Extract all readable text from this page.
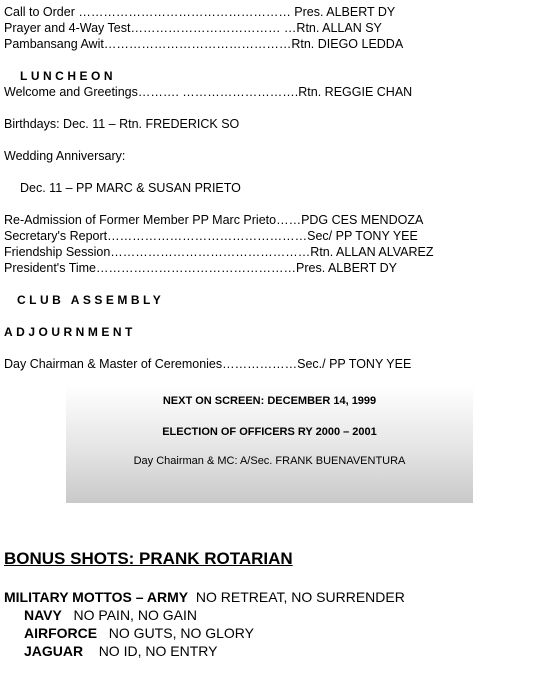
Call to Order …………………………………………… Pres. ALBERT DY
Prayer and 4-Way Test……………………………… …Rtn. ALLAN SY
Pambansang Awit………………………………………Rtn. DIEGO LEDDA
LUNCHEON
Welcome and Greetings………. ……………………….Rtn. REGGIE CHAN
Birthdays: Dec. 11 – Rtn. FREDERICK SO
Wedding Anniversary:
Dec. 11 – PP MARC & SUSAN PRIETO
Re-Admission of Former Member PP Marc Prieto……PDG CES MENDOZA
Secretary's Report…………………………………………Sec/ PP TONY YEE
Friendship Session…………………………………………Rtn. ALLAN ALVAREZ
President's Time…………………………………………Pres. ALBERT DY
CLUB ASSEMBLY
ADJOURNMENT
Day Chairman & Master of Ceremonies………………Sec./ PP TONY YEE
NEXT ON SCREEN: DECEMBER 14, 1999
ELECTION OF OFFICERS RY 2000 – 2001
Day Chairman & MC: A/Sec. FRANK BUENAVENTURA
BONUS SHOTS: PRANK ROTARIAN
MILITARY MOTTOS – ARMY NO RETREAT, NO SURRENDER
NAVY NO PAIN, NO GAIN
AIRFORCE NO GUTS, NO GLORY
JAGUAR NO ID, NO ENTRY
